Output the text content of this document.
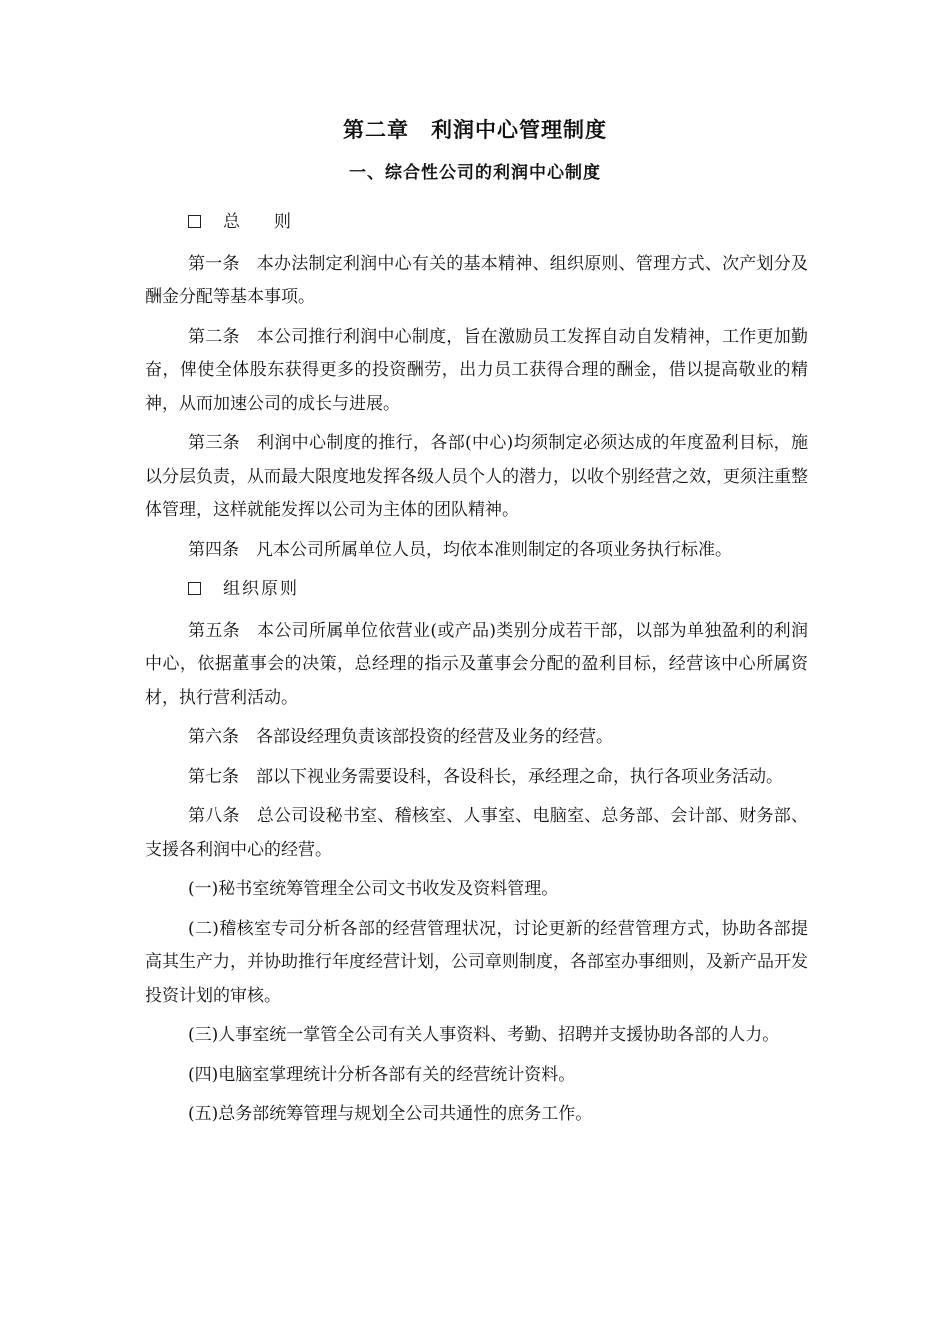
第二章　利润中心管理制度
一、综合性公司的利润中心制度

总　　则

第一条 本办法制定利润中心有关的基本精神、组织原则、管理方式、次产划分及酬金分配等基本事项。

第二条 本公司推行利润中心制度，旨在激励员工发挥自动自发精神，工作更加勤奋，俾使全体股东获得更多的投资酬劳，出力员工获得合理的酬金，借以提高敬业的精神，从而加速公司的成长与进展。

第三条 利润中心制度的推行，各部(中心)均须制定必须达成的年度盈利目标，施以分层负责，从而最大限度地发挥各级人员个人的潜力，以收个别经营之效，更须注重整体管理，这样就能发挥以公司为主体的团队精神。

第四条 凡本公司所属单位人员，均依本准则制定的各项业务执行标准。

组织原则

第五条 本公司所属单位依营业(或产品)类别分成若干部，以部为单独盈利的利润中心，依据董事会的决策，总经理的指示及董事会分配的盈利目标，经营该中心所属资材，执行营利活动。

第六条 各部设经理负责该部投资的经营及业务的经营。

第七条 部以下视业务需要设科，各设科长，承经理之命，执行各项业务活动。

第八条 总公司设秘书室、稽核室、人事室、电脑室、总务部、会计部、财务部、支援各利润中心的经营。

(一)秘书室统筹管理全公司文书收发及资料管理。

(二)稽核室专司分析各部的经营管理状况，讨论更新的经营管理方式，协助各部提高其生产力，并协助推行年度经营计划，公司章则制度，各部室办事细则，及新产品开发投资计划的审核。

(三)人事室统一掌管全公司有关人事资料、考勤、招聘并支援协助各部的人力。

(四)电脑室掌理统计分析各部有关的经营统计资料。

(五)总务部统筹管理与规划全公司共通性的庶务工作。
